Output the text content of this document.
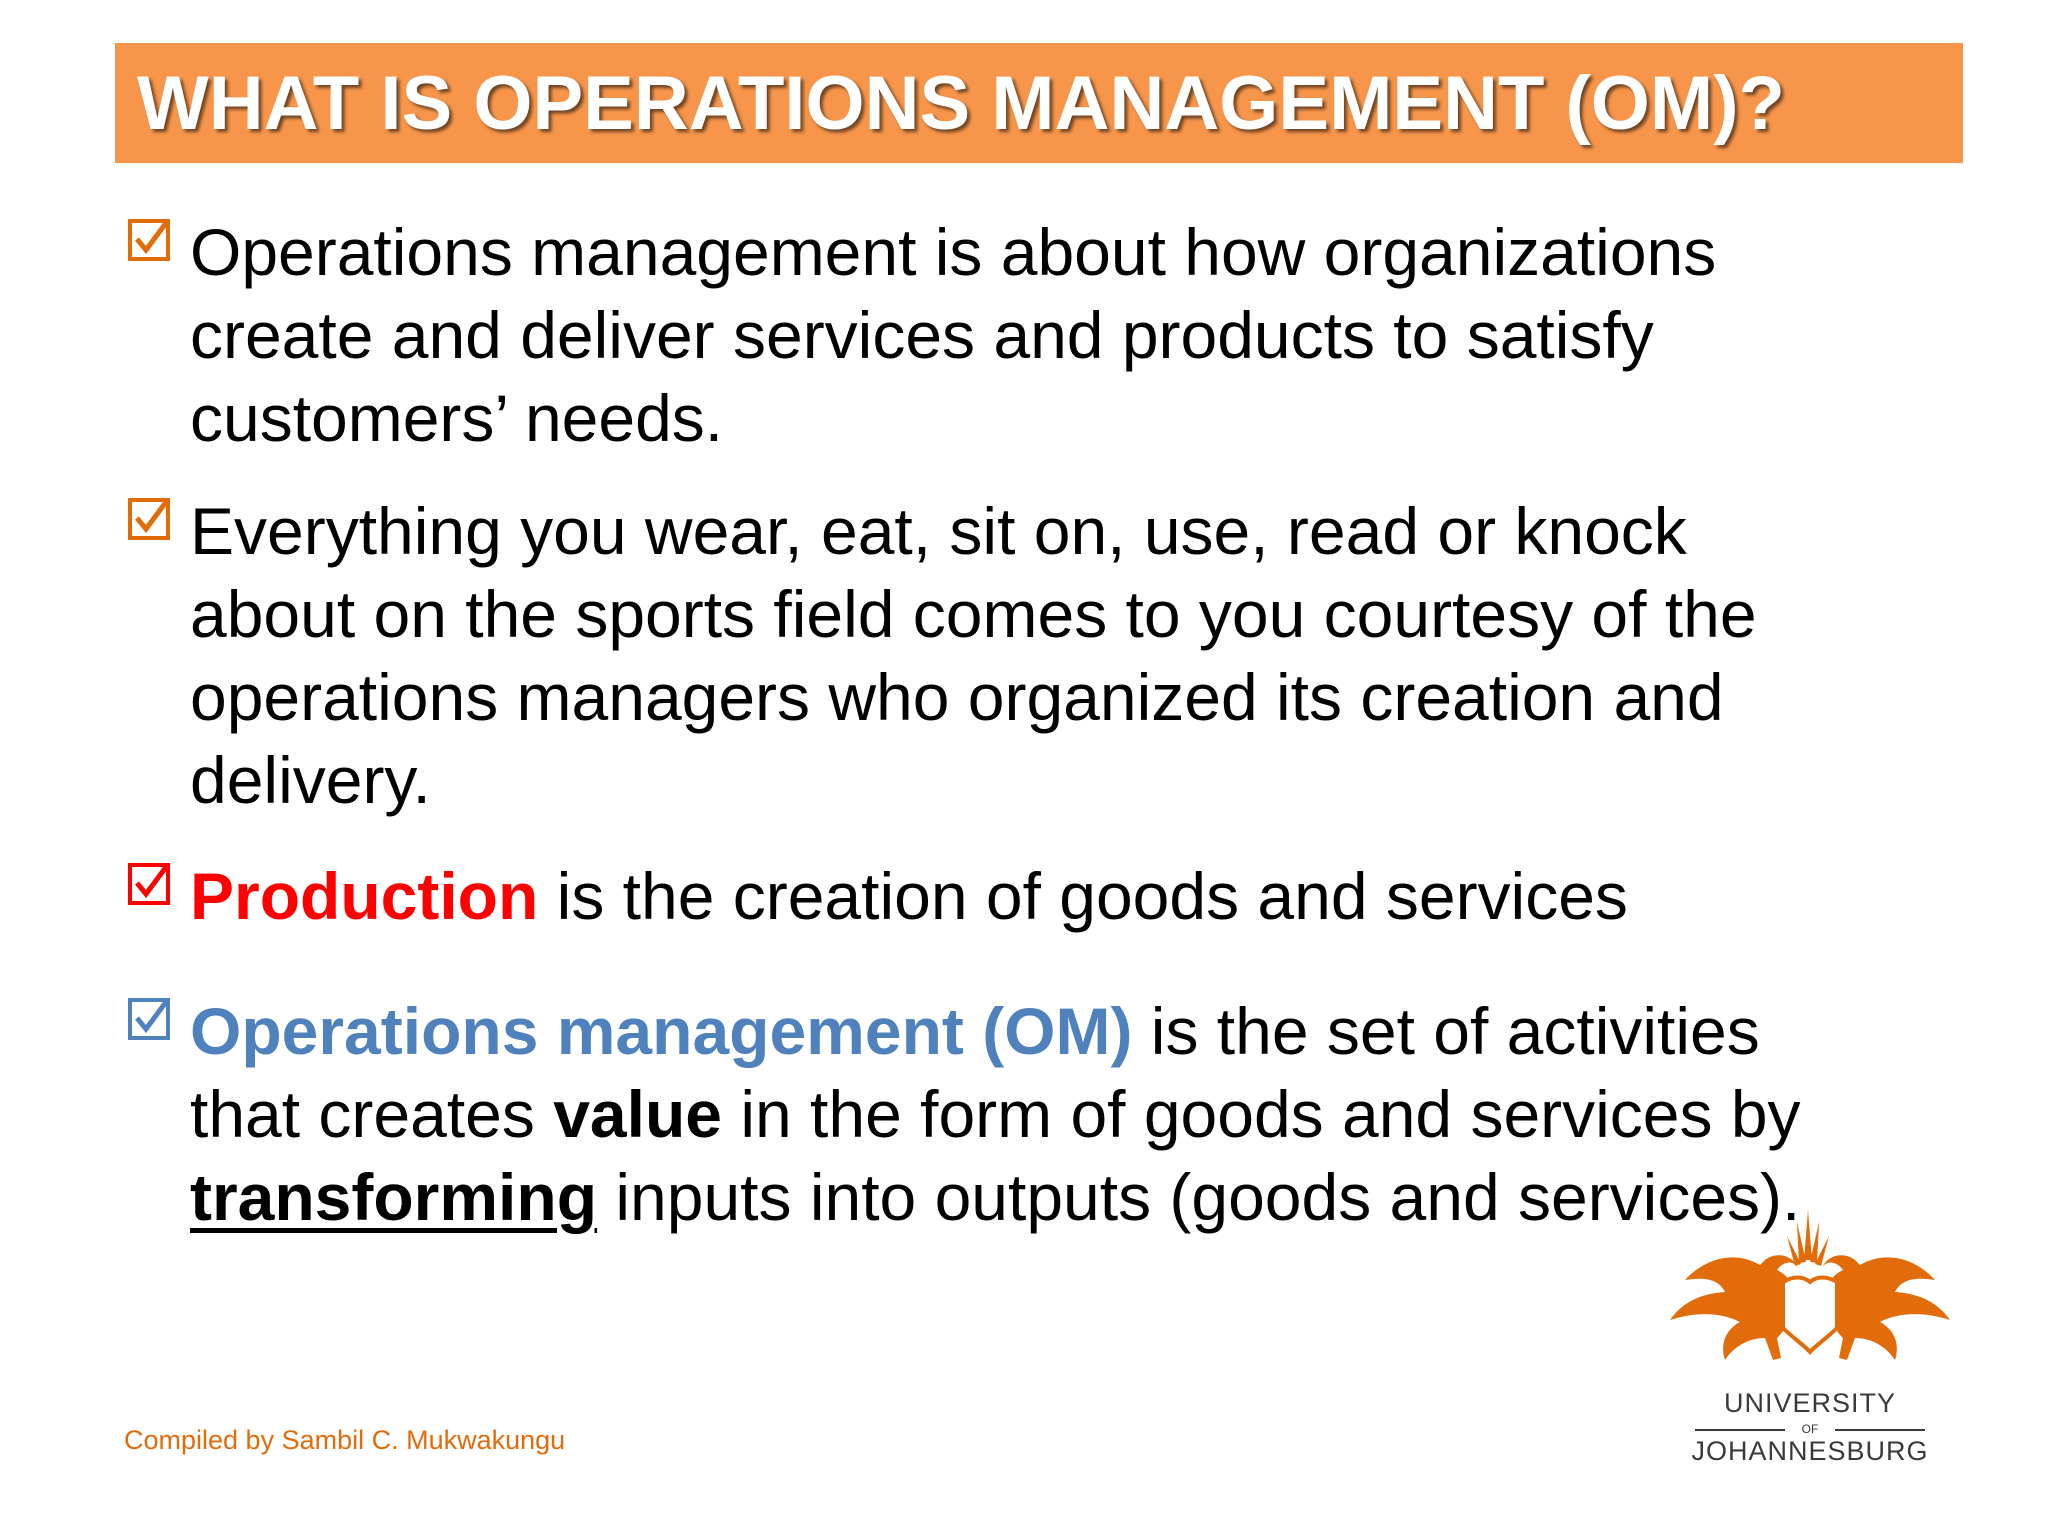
WHAT IS OPERATIONS MANAGEMENT (OM)?
Operations management is about how organizations
create and deliver services and products to satisfy
customers’ needs.
Everything you wear, eat, sit on, use, read or knock
about on the sports field comes to you courtesy of the
operations managers who organized its creation and
delivery.
Production is the creation of goods and services
Operations management (OM) is the set of activities
that creates value in the form of goods and services by
transforming inputs into outputs (goods and services).
Compiled by Sambil C. Mukwakungu
UNIVERSITY
OF
JOHANNESBURG
